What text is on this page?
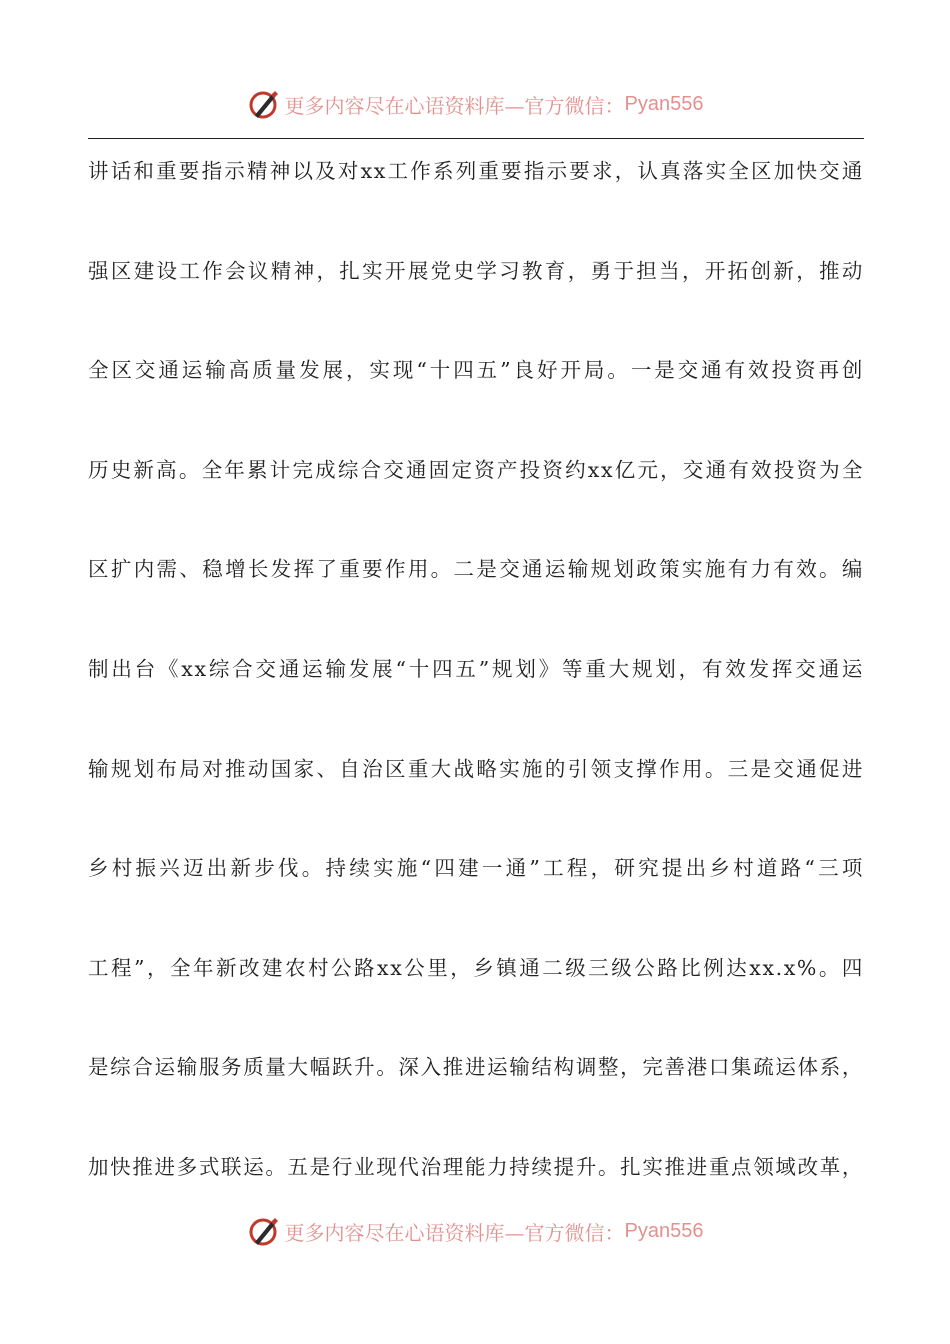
更多内容尽在心语资料库—官方微信： Pyan556
讲话和重要指示精神以及对xx工作系列重要指示要求，认真落实全区加快交通
强区建设工作会议精神，扎实开展党史学习教育，勇于担当，开拓创新，推动
全区交通运输高质量发展，实现“十四五”良好开局。一是交通有效投资再创
历史新高。全年累计完成综合交通固定资产投资约xx亿元，交通有效投资为全
区扩内需、稳增长发挥了重要作用。二是交通运输规划政策实施有力有效。编
制出台《xx综合交通运输发展“十四五”规划》等重大规划，有效发挥交通运
输规划布局对推动国家、自治区重大战略实施的引领支撑作用。三是交通促进
乡村振兴迈出新步伐。持续实施“四建一通”工程，研究提出乡村道路“三项
工程”，全年新改建农村公路xx公里，乡镇通二级三级公路比例达xx.x%。四
是综合运输服务质量大幅跃升。深入推进运输结构调整，完善港口集疏运体系，
加快推进多式联运。五是行业现代治理能力持续提升。扎实推进重点领域改革，
更多内容尽在心语资料库—官方微信： Pyan556
